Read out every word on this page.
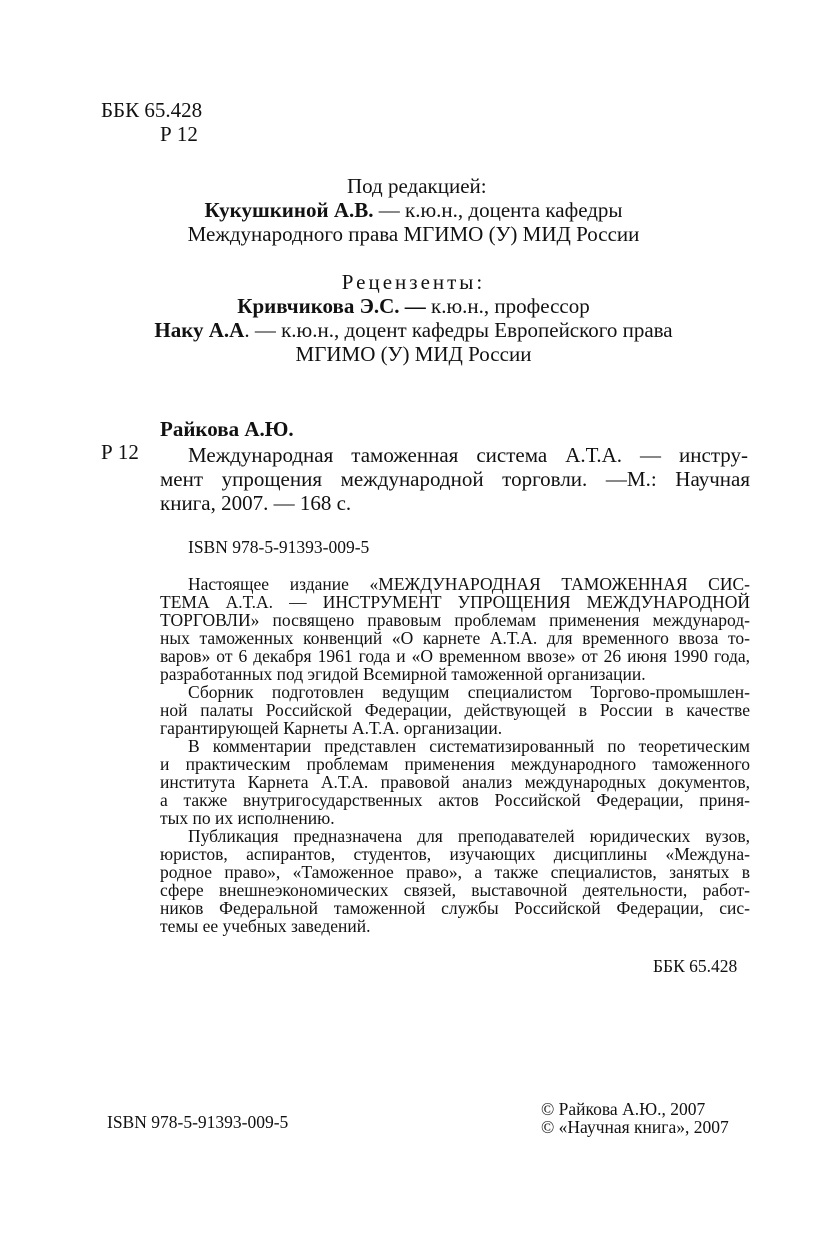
ББК 65.428
Р 12
Под редакцией:
Кукушкиной А.В. — к.ю.н., доцента кафедры
Международного права МГИМО (У) МИД России
Рецензенты:
Кривчикова Э.С. — к.ю.н., профессор
Наку А.А. — к.ю.н., доцент кафедры Европейского права
МГИМО (У) МИД России
Райкова А.Ю.
Р 12 Международная таможенная система А.Т.А. — инстру-
мент упрощения международной торговли. —М.: Научная
книга, 2007. — 168 с.
ISBN 978-5-91393-009-5
Настоящее издание «МЕЖДУНАРОДНАЯ ТАМОЖЕННАЯ СИС-
ТЕМА А.Т.А. — ИНСТРУМЕНТ УПРОЩЕНИЯ МЕЖДУНАРОДНОЙ
ТОРГОВЛИ» посвящено правовым проблемам применения международ-
ных таможенных конвенций «О карнете А.Т.А. для временного ввоза то-
варов» от 6 декабря 1961 года и «О временном ввозе» от 26 июня 1990 года,
разработанных под эгидой Всемирной таможенной организации.
Сборник подготовлен ведущим специалистом Торгово-промышлен-
ной палаты Российской Федерации, действующей в России в качестве
гарантирующей Карнеты А.Т.А. организации.
В комментарии представлен систематизированный по теоретическим
и практическим проблемам применения международного таможенного
института Карнета А.Т.А. правовой анализ международных документов,
а также внутригосударственных актов Российской Федерации, приня-
тых по их исполнению.
Публикация предназначена для преподавателей юридических вузов,
юристов, аспирантов, студентов, изучающих дисциплины «Междуна-
родное право», «Таможенное право», а также специалистов, занятых в
сфере внешнеэкономических связей, выставочной деятельности, работ-
ников Федеральной таможенной службы Российской Федерации, сис-
темы ее учебных заведений.
ББК 65.428
ISBN 978-5-91393-009-5
© Райкова А.Ю., 2007
© «Научная книга», 2007
